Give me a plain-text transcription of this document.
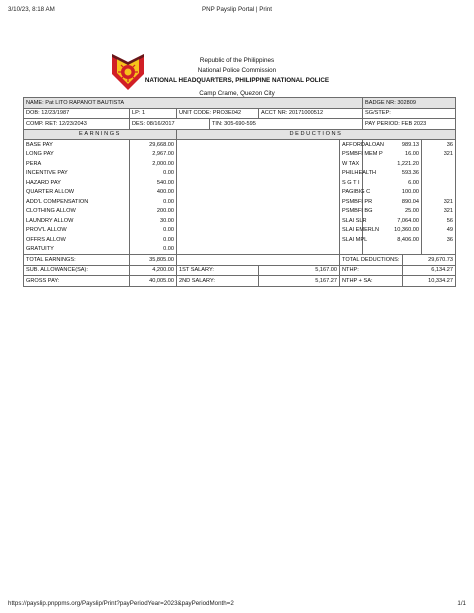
3/10/23, 8:18 AM	PNP Payslip Portal | Print
Republic of the Philippines
National Police Commission
NATIONAL HEADQUARTERS, PHILIPPINE NATIONAL POLICE
Camp Crame, Quezon City
NAME: Pat LITO RAPANOT BAUTISTA						BADGE NR: 302809			
DOB: 12/23/1987	LP: 1	UNIT CODE: PRO3E042		ACCT NR: 20171000512		SG/STEP:			
COMP. RET: 12/23/2043	DES: 08/16/2017		TIN: 305-690-595			PAY PERIOD: FEB 2023			
EARNINGS		DEDUCTIONS							
BASE PAY	29,668.00				AFFORDALOAN	989.13		36	
LONG PAY	2,967.00				PSMBFI MEM P	16.00		321	
PERA	2,000.00				W TAX	1,221.20			
INCENTIVE PAY	0.00				PHILHEALTH	593.36			
HAZARD PAY	540.00				S G T I	6.00			
QUARTER ALLOW	400.00				PAGIBIG C	100.00			
ADD'L COMPENSATION	0.00				PSMBFI PR	890.04		321	
CLOTHING ALLOW	200.00				PSMBFI BG	25.00		321	
LAUNDRY ALLOW	30.00				SLAI SLR	7,064.00		56	
PROV'L ALLOW	0.00				SLAI EMERLN	10,360.00		49	
OFFRS ALLOW	0.00				SLAI MPL	8,406.00		36	
GRATUITY	0.00								
TOTAL EARNINGS:	35,805.00				TOTAL DEDUCTIONS:		29,670.73		
SUB. ALLOWANCE(SA):	4,200.00	1ST SALARY:		5,167.00	NTHP:		6,134.27		
GROSS PAY:	40,005.00	2ND SALARY:		5,167.27	NTHP + SA:		10,334.27		
https://payslip.pnppms.org/Payslip/Print?payPeriodYear=2023&payPeriodMonth=2	1/1
